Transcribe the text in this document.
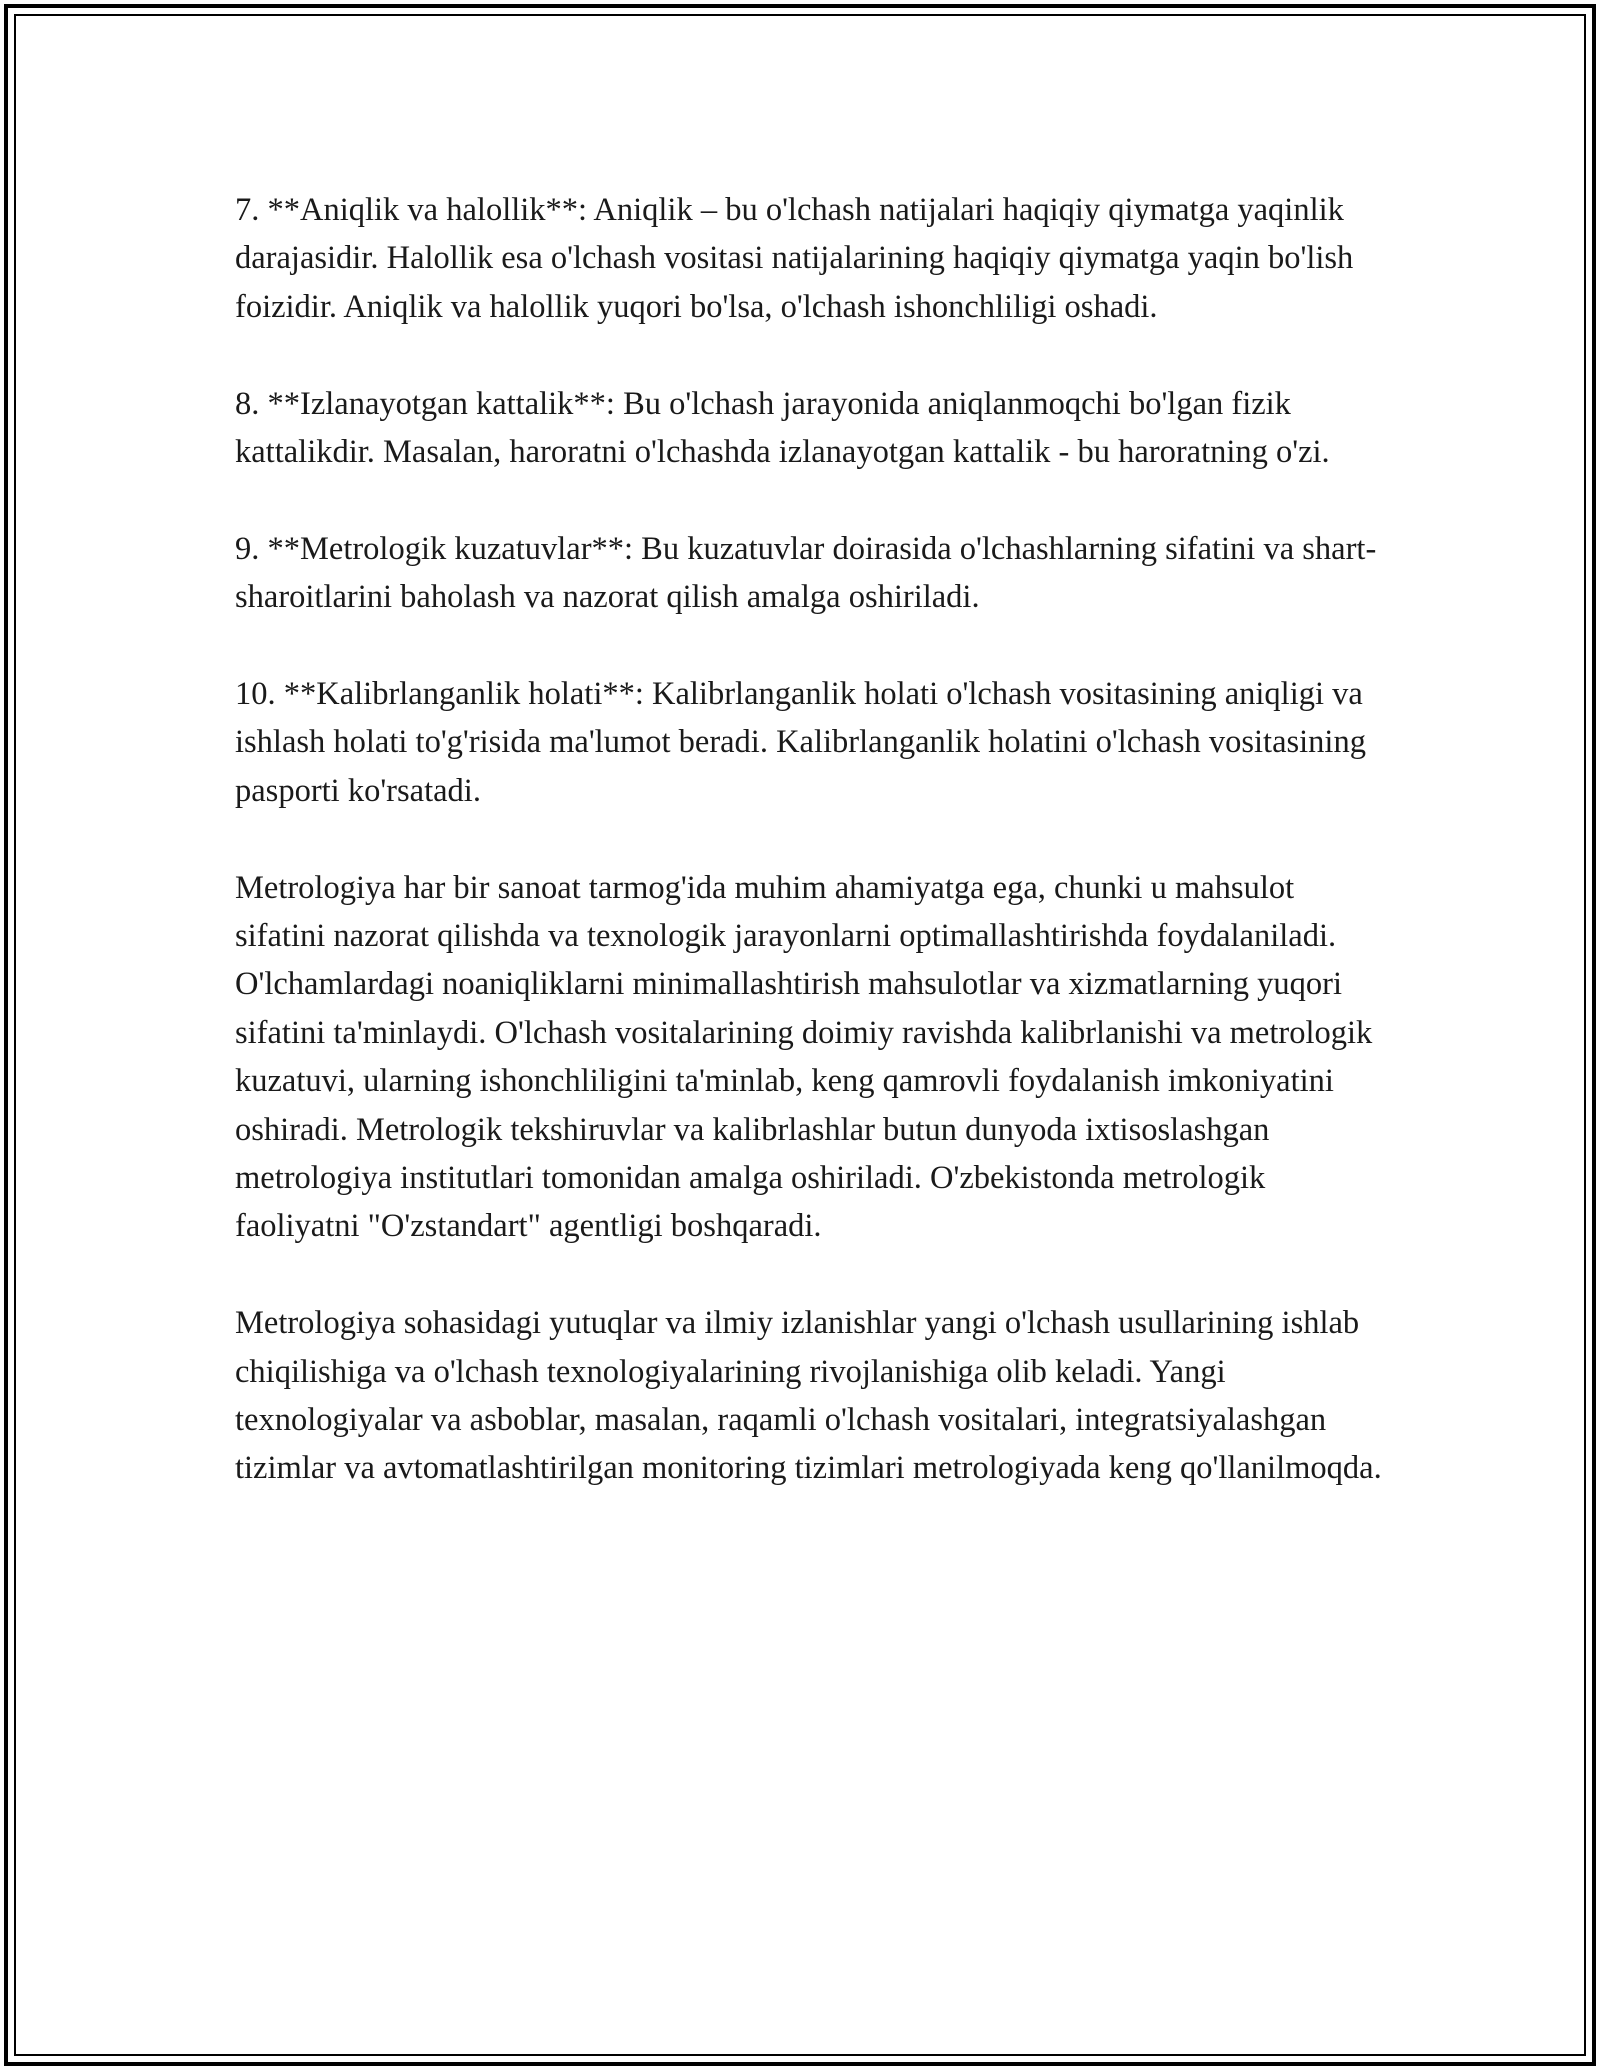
7. **Aniqlik va halollik**: Aniqlik – bu o'lchash natijalari haqiqiy qiymatga yaqinlik darajasidir. Halollik esa o'lchash vositasi natijalarining haqiqiy qiymatga yaqin bo'lish foizidir. Aniqlik va halollik yuqori bo'lsa, o'lchash ishonchliligi oshadi.

8. **Izlanayotgan kattalik**: Bu o'lchash jarayonida aniqlanmoqchi bo'lgan fizik kattalikdir. Masalan, haroratni o'lchashda izlanayotgan kattalik - bu haroratning o'zi.

9. **Metrologik kuzatuvlar**: Bu kuzatuvlar doirasida o'lchashlarning sifatini va shart-sharoitlarini baholash va nazorat qilish amalga oshiriladi.

10. **Kalibrlanganlik holati**: Kalibrlanganlik holati o'lchash vositasining aniqligi va ishlash holati to'g'risida ma'lumot beradi. Kalibrlanganlik holatini o'lchash vositasining pasporti ko'rsatadi.

Metrologiya har bir sanoat tarmog'ida muhim ahamiyatga ega, chunki u mahsulot sifatini nazorat qilishda va texnologik jarayonlarni optimallashtirishda foydalaniladi. O'lchamlardagi noaniqliklarni minimallashtirish mahsulotlar va xizmatlarning yuqori sifatini ta'minlaydi. O'lchash vositalarining doimiy ravishda kalibrlanishi va metrologik kuzatuvi, ularning ishonchliligini ta'minlab, keng qamrovli foydalanish imkoniyatini oshiradi. Metrologik tekshiruvlar va kalibrlashlar butun dunyoda ixtisoslashgan metrologiya institutlari tomonidan amalga oshiriladi. O'zbekistonda metrologik faoliyatni "O'zstandart" agentligi boshqaradi.

Metrologiya sohasidagi yutuqlar va ilmiy izlanishlar yangi o'lchash usullarining ishlab chiqilishiga va o'lchash texnologiyalarining rivojlanishiga olib keladi. Yangi texnologiyalar va asboblar, masalan, raqamli o'lchash vositalari, integratsiyalashgan tizimlar va avtomatlashtirilgan monitoring tizimlari metrologiyada keng qo'llanilmoqda.
